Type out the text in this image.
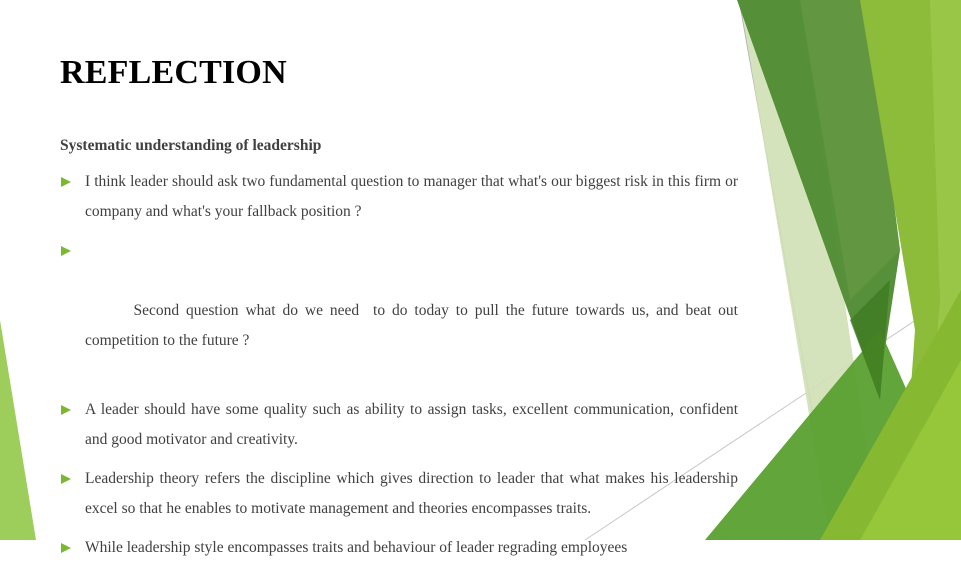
REFLECTION

Systematic understanding of leadership

I think leader should ask two fundamental question to manager that what's our biggest risk in this firm or company and what's your fallback position ?

Second question what do we need  to do today to pull the future towards us, and beat out competition to the future ?

A leader should have some quality such as ability to assign tasks, excellent communication, confident and good motivator and creativity.
Leadership theory refers the discipline which gives direction to leader that what makes his leadership excel so that he enables to motivate management and theories encompasses traits.
While leadership style encompasses traits and behaviour of leader regrading employees
